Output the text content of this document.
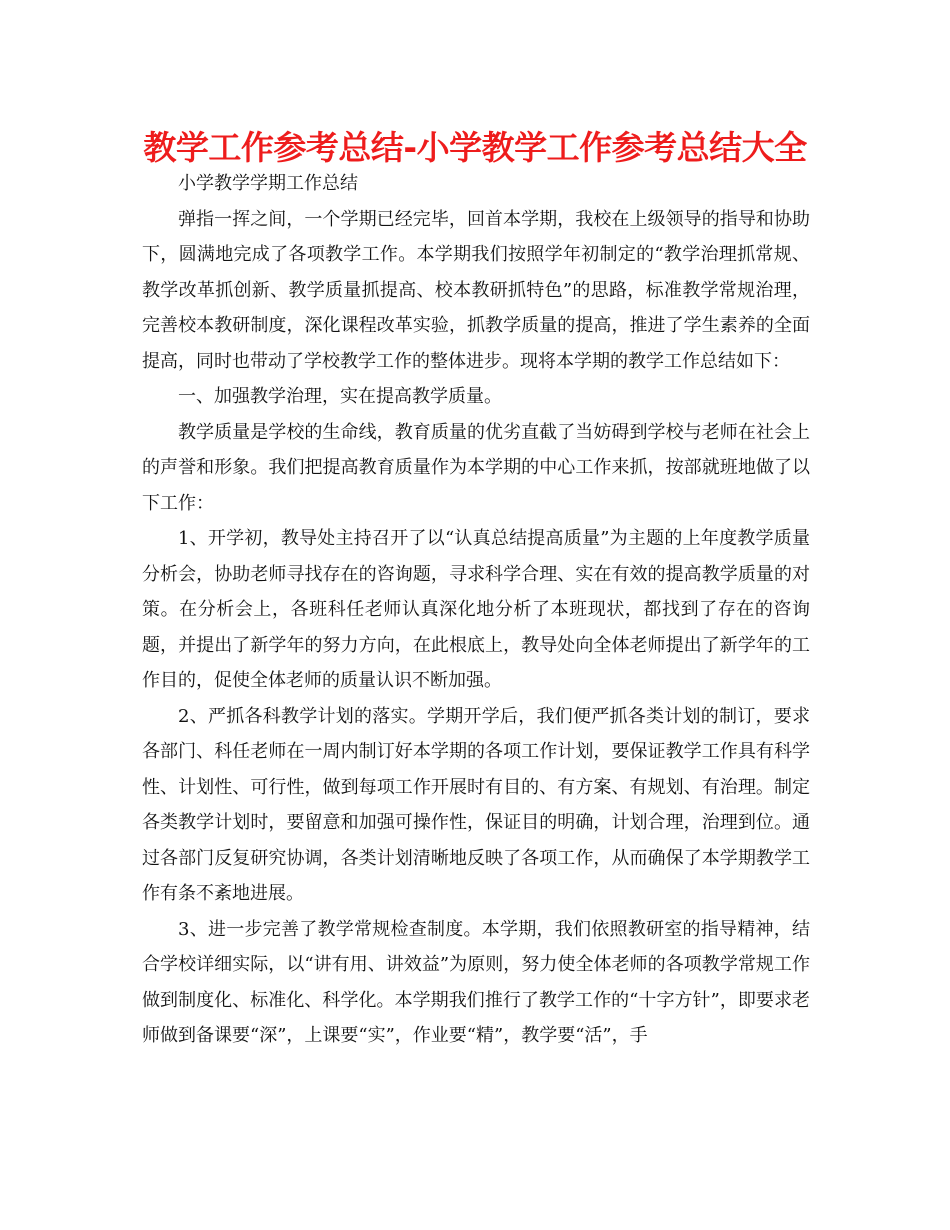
教学工作参考总结-小学教学工作参考总结大全

小学教学学期工作总结

弹指一挥之间，一个学期已经完毕，回首本学期，我校在上级领导的指导和协助下，圆满地完成了各项教学工作。本学期我们按照学年初制定的“教学治理抓常规、教学改革抓创新、教学质量抓提高、校本教研抓特色”的思路，标准教学常规治理，完善校本教研制度，深化课程改革实验，抓教学质量的提高，推进了学生素养的全面提高，同时也带动了学校教学工作的整体进步。现将本学期的教学工作总结如下：

一、加强教学治理，实在提高教学质量。

教学质量是学校的生命线，教育质量的优劣直截了当妨碍到学校与老师在社会上的声誉和形象。我们把提高教育质量作为本学期的中心工作来抓，按部就班地做了以下工作：

1、开学初，教导处主持召开了以“认真总结提高质量”为主题的上年度教学质量分析会，协助老师寻找存在的咨询题，寻求科学合理、实在有效的提高教学质量的对策。在分析会上，各班科任老师认真深化地分析了本班现状，都找到了存在的咨询题，并提出了新学年的努力方向，在此根底上，教导处向全体老师提出了新学年的工作目的，促使全体老师的质量认识不断加强。

2、严抓各科教学计划的落实。学期开学后，我们便严抓各类计划的制订，要求各部门、科任老师在一周内制订好本学期的各项工作计划，要保证教学工作具有科学性、计划性、可行性，做到每项工作开展时有目的、有方案、有规划、有治理。制定各类教学计划时，要留意和加强可操作性，保证目的明确，计划合理，治理到位。通过各部门反复研究协调，各类计划清晰地反映了各项工作，从而确保了本学期教学工作有条不紊地进展。

3、进一步完善了教学常规检查制度。本学期，我们依照教研室的指导精神，结合学校详细实际，以“讲有用、讲效益”为原则，努力使全体老师的各项教学常规工作做到制度化、标准化、科学化。本学期我们推行了教学工作的“十字方针”，即要求老师做到备课要“深”，上课要“实”，作业要“精”，教学要“活”，手
